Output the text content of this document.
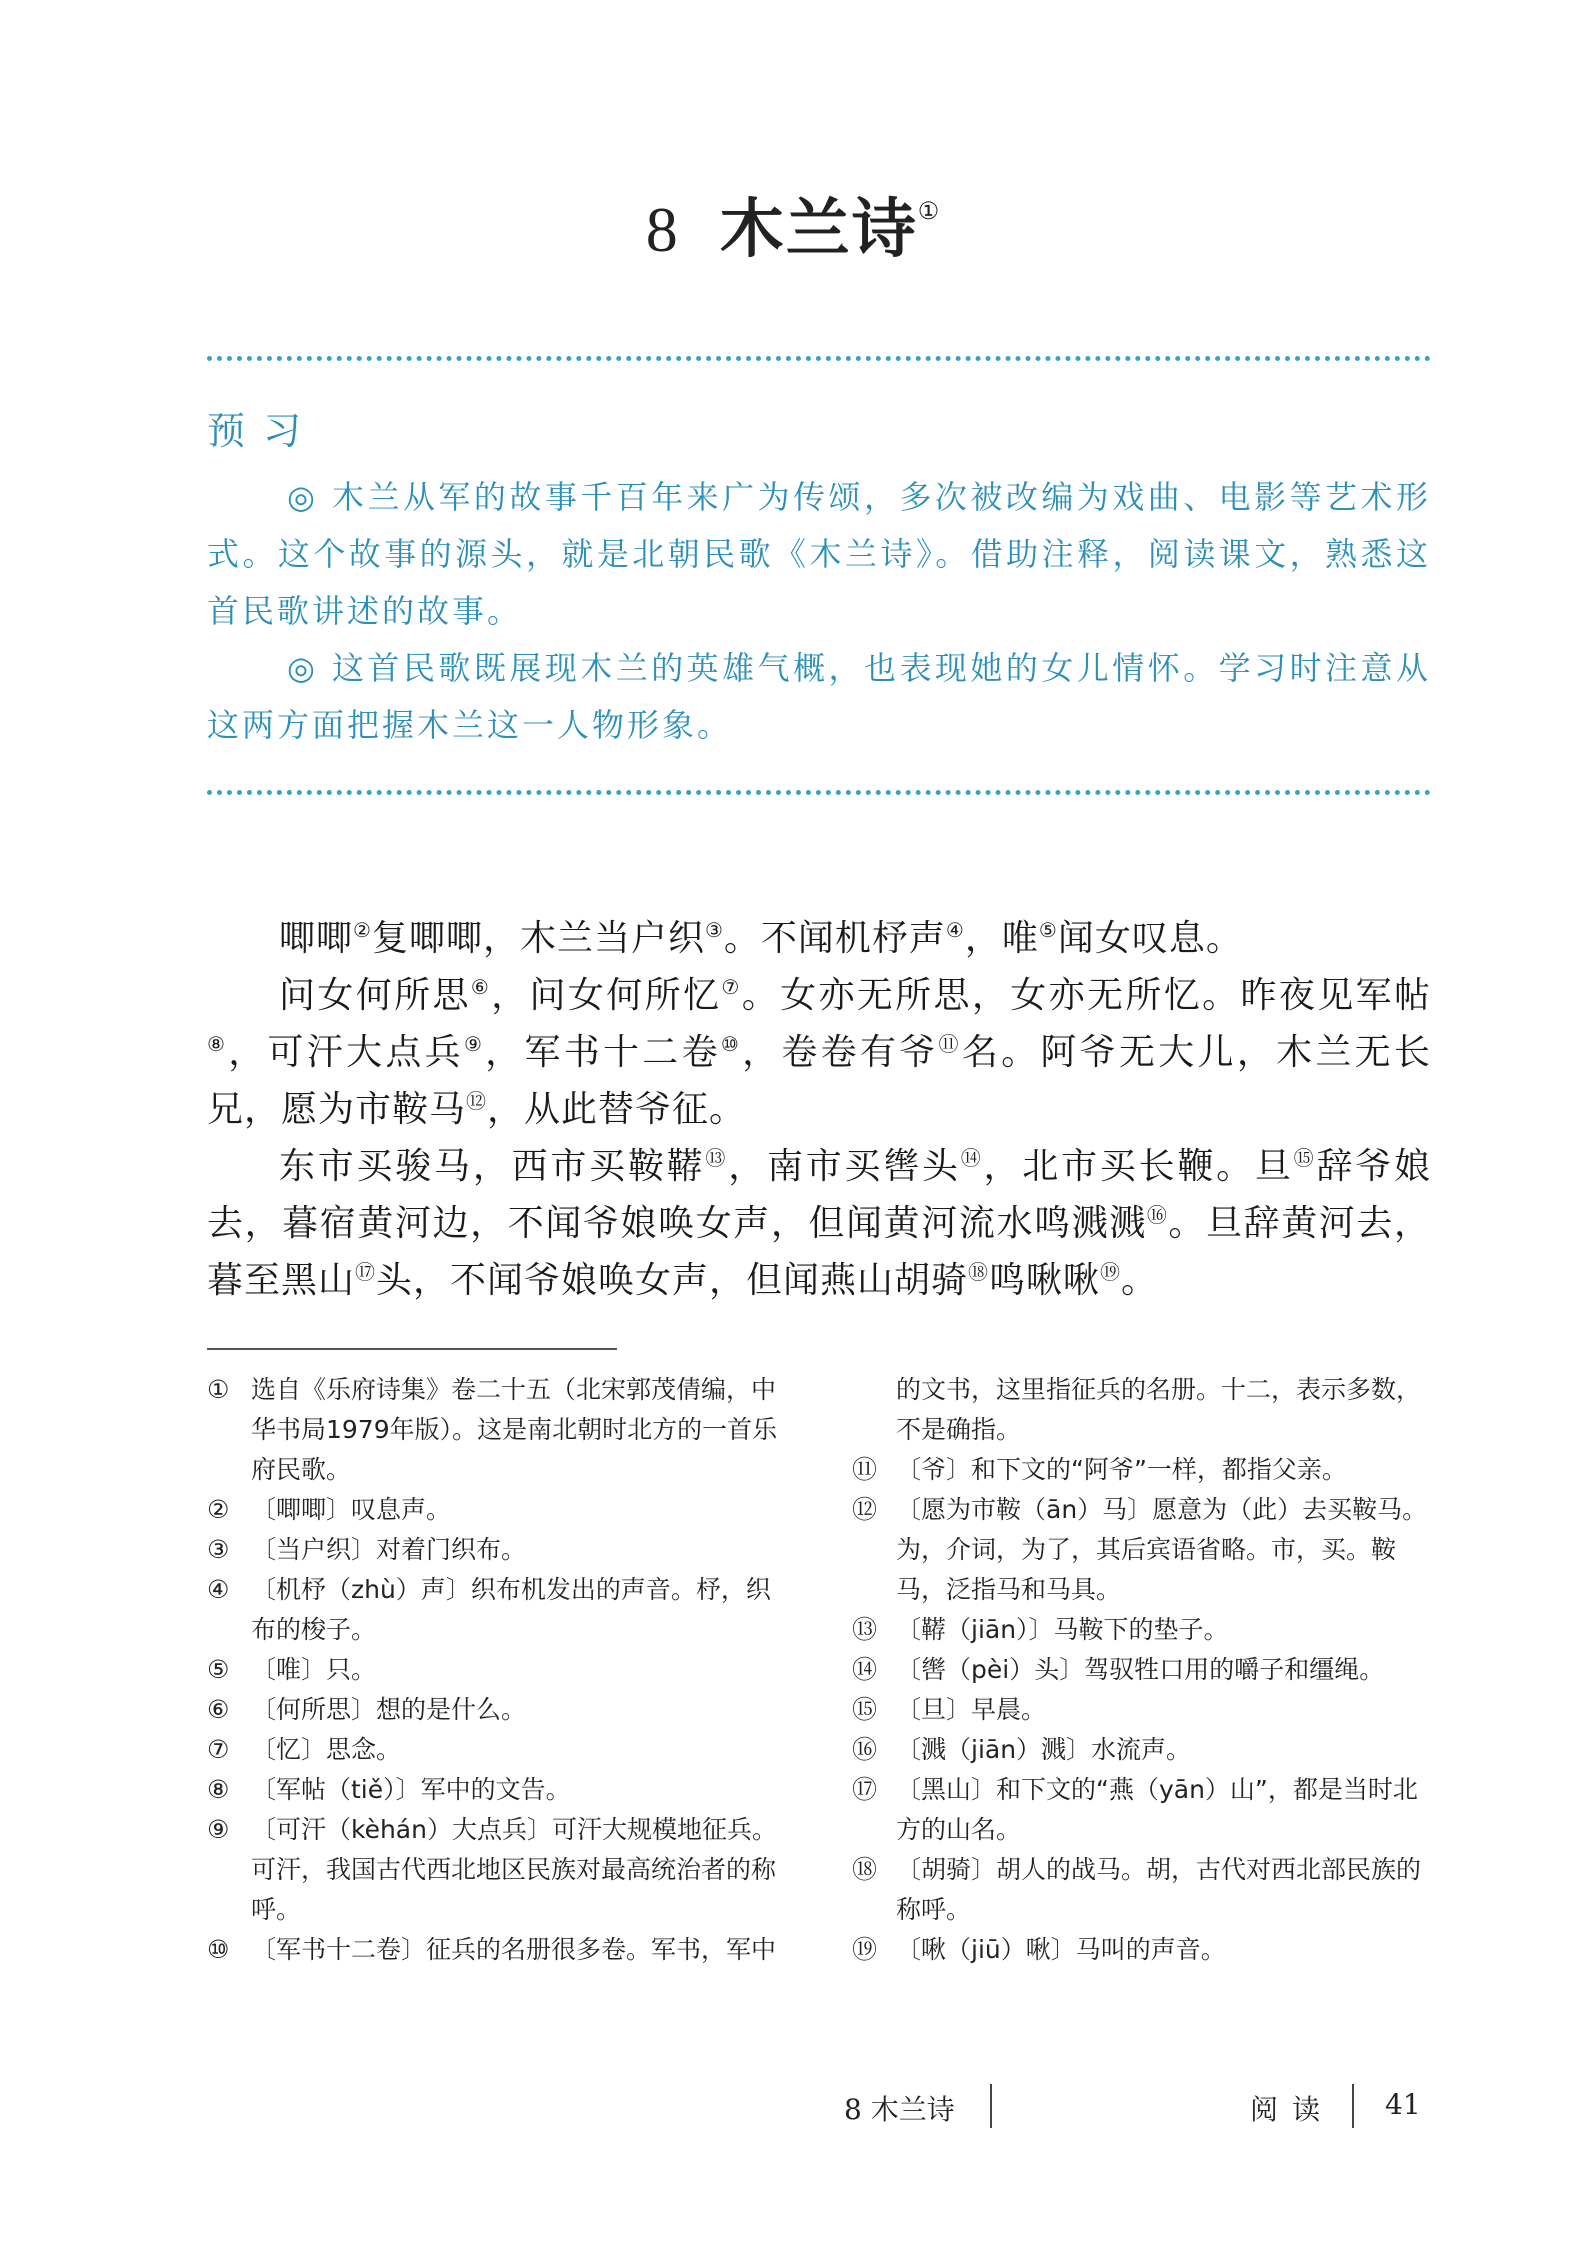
8 木兰诗①
预习

◎ 木兰从军的故事千百年来广为传颂，多次被改编为戏曲、电影等艺术形式。这个故事的源头，就是北朝民歌《木兰诗》。借助注释，阅读课文，熟悉这首民歌讲述的故事。

◎ 这首民歌既展现木兰的英雄气概，也表现她的女儿情怀。学习时注意从这两方面把握木兰这一人物形象。

唧唧②复唧唧，木兰当户织③。不闻机杼声④，唯⑤闻女叹息。

问女何所思⑥，问女何所忆⑦。女亦无所思，女亦无所忆。昨夜见军帖⑧，可汗大点兵⑨，军书十二卷⑩，卷卷有爷⑪名。阿爷无大儿，木兰无长兄，愿为市鞍马⑫，从此替爷征。

东市买骏马，西市买鞍鞯⑬，南市买辔头⑭，北市买长鞭。旦⑮辞爷娘去，暮宿黄河边，不闻爷娘唤女声，但闻黄河流水鸣溅溅⑯。旦辞黄河去，暮至黑山⑰头，不闻爷娘唤女声，但闻燕山胡骑⑱鸣啾啾⑲。

① 选自《乐府诗集》卷二十五（北宋郭茂倩编，中华书局1979年版）。这是南北朝时北方的一首乐府民歌。
② 〔唧唧〕叹息声。
③ 〔当户织〕对着门织布。
④ 〔机杼（zhù）声〕织布机发出的声音。杼，织布的梭子。
⑤ 〔唯〕只。
⑥ 〔何所思〕想的是什么。
⑦ 〔忆〕思念。
⑧ 〔军帖（tiě）〕军中的文告。
⑨ 〔可汗（kèhán）大点兵〕可汗大规模地征兵。可汗，我国古代西北地区民族对最高统治者的称呼。
⑩ 〔军书十二卷〕征兵的名册很多卷。军书，军中
的文书，这里指征兵的名册。十二，表示多数，不是确指。
⑪ 〔爷〕和下文的“阿爷”一样，都指父亲。
⑫ 〔愿为市鞍（ān）马〕愿意为（此）去买鞍马。为，介词，为了，其后宾语省略。市，买。鞍马，泛指马和马具。
⑬ 〔鞯（jiān）〕马鞍下的垫子。
⑭ 〔辔（pèi）头〕驾驭牲口用的嚼子和缰绳。
⑮ 〔旦〕早晨。
⑯ 〔溅（jiān）溅〕水流声。
⑰ 〔黑山〕和下文的“燕（yān）山”，都是当时北方的山名。
⑱ 〔胡骑〕胡人的战马。胡，古代对西北部民族的称呼。
⑲ 〔啾（jiū）啾〕马叫的声音。
8 木兰诗	阅读 41
